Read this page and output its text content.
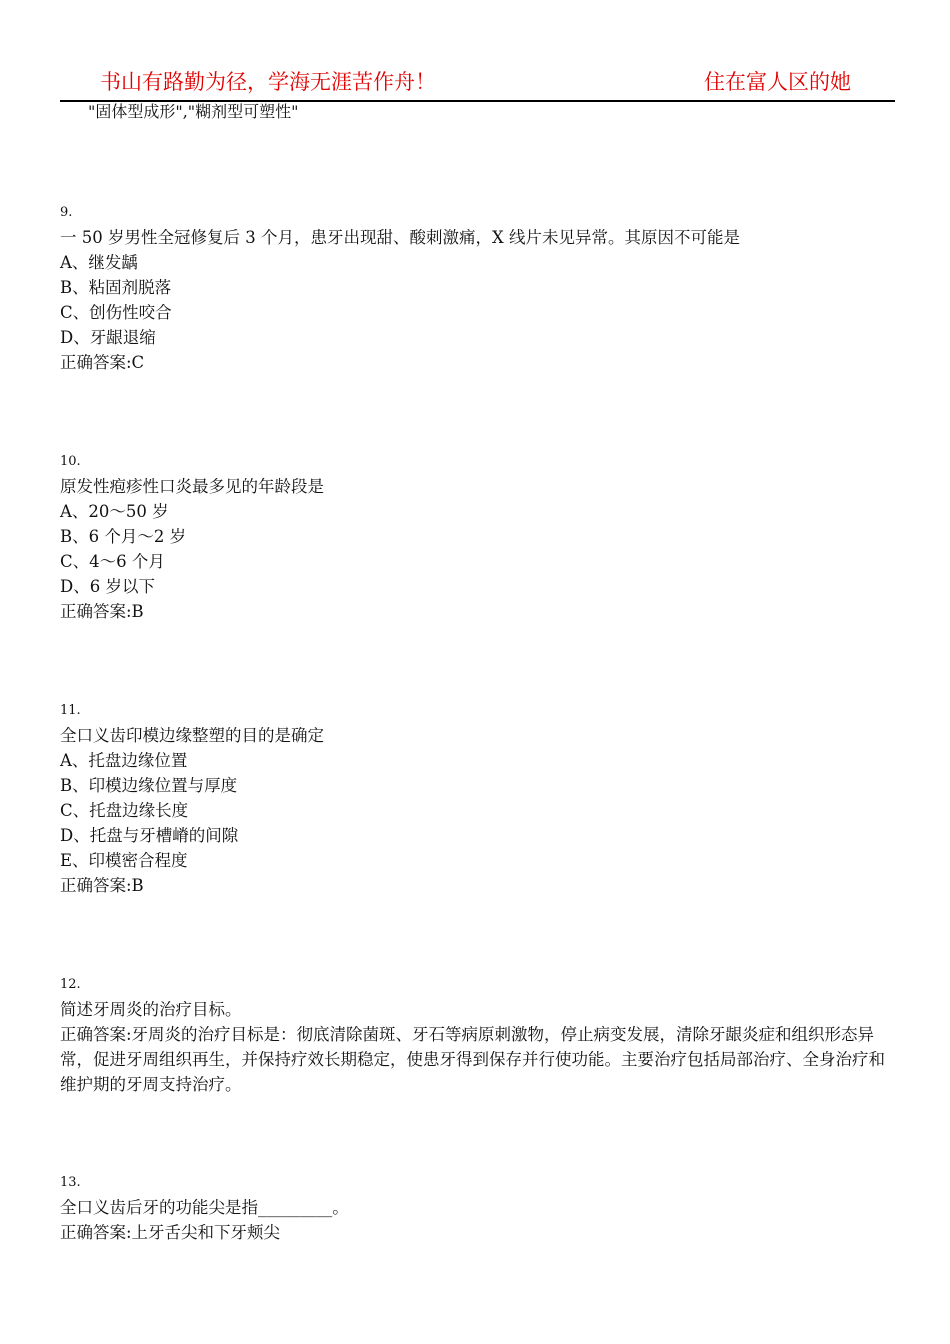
书山有路勤为径，学海无涯苦作舟！	住在富人区的她
"固体型成形","糊剂型可塑性"

9.

一 50 岁男性全冠修复后 3 个月，患牙出现甜、酸刺激痛，X 线片未见异常。其原因不可能是

A、继发龋

B、粘固剂脱落

C、创伤性咬合

D、牙龈退缩

正确答案:C

10.

原发性疱疹性口炎最多见的年龄段是

A、20～50 岁

B、6 个月～2 岁

C、4～6 个月

D、6 岁以下

正确答案:B

11.

全口义齿印模边缘整塑的目的是确定

A、托盘边缘位置

B、印模边缘位置与厚度

C、托盘边缘长度

D、托盘与牙槽嵴的间隙

E、印模密合程度

正确答案:B

12.

简述牙周炎的治疗目标。

正确答案:牙周炎的治疗目标是：彻底清除菌斑、牙石等病原刺激物，停止病变发展，清除牙龈炎症和组织形态异常，促进牙周组织再生，并保持疗效长期稳定，使患牙得到保存并行使功能。主要治疗包括局部治疗、全身治疗和维护期的牙周支持治疗。

13.

全口义齿后牙的功能尖是指_________。

正确答案:上牙舌尖和下牙颊尖
